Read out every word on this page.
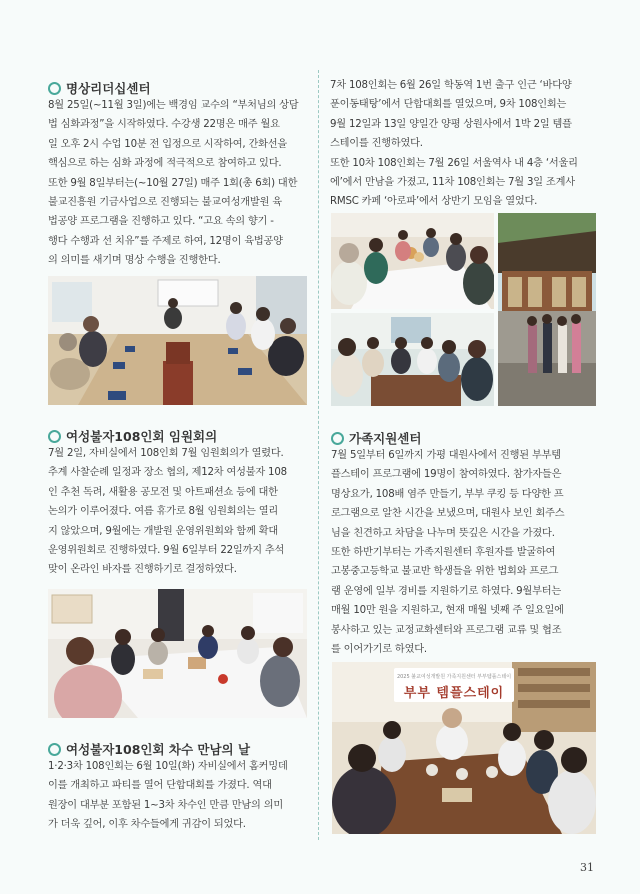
명상리더십센터
8월 25일(~11월 3일)에는 백경임 교수의 “부처님의 상담
법 심화과정”을 시작하였다. 수강생 22명은 매주 월요
일 오후 2시 수업 10분 전 입정으로 시작하여, 간화선을
핵심으로 하는 심화 과정에 적극적으로 참여하고 있다.
또한 9월 8일부터는(~10월 27일) 매주 1회(총 6회) 대한
불교진흥원 기금사업으로 진행되는 불교여성개발원 육
법공양 프로그램을 진행하고 있다. “고요 속의 향기 -
행다 수행과 선 치유”를 주제로 하여, 12명이 육법공양
의 의미를 새기며 명상 수행을 진행한다.
여성불자108인회 임원회의
7월 2일, 자비실에서 108인회 7월 임원회의가 열렸다.
추계 사찰순례 일정과 장소 협의, 제12차 여성불자 108
인 추천 독려, 새활용 공모전 및 아트패션쇼 등에 대한
논의가 이루어졌다. 여름 휴가로 8월 임원회의는 열리
지 않았으며, 9월에는 개발원 운영위원회와 함께 확대
운영위원회로 진행하였다. 9월 6일부터 22일까지 추석
맞이 온라인 바자를 진행하기로 결정하였다.
여성불자108인회 차수 만남의 날
1·2·3차 108인회는 6월 10일(화) 자비실에서 홈커밍데
이를 개최하고 파티를 열어 단합대회를 가졌다. 역대
원장이 대부분 포함된 1~3차 차수인 만큼 만남의 의미
가 더욱 깊어, 이후 차수들에게 귀감이 되었다.
7차 108인회는 6월 26일 학동역 1번 출구 인근 ‘바다양
푼이동태탕’에서 단합대회를 열었으며, 9차 108인회는
9월 12일과 13일 양일간 양평 상원사에서 1박 2일 템플
스테이를 진행하였다.
또한 10차 108인회는 7월 26일 서울역사 내 4층 ‘서울리
에’에서 만남을 가졌고, 11차 108인회는 7월 3일 조계사
RMSC 카페 ‘아로파’에서 상반기 모임을 열었다.
가족지원센터
7월 5일부터 6일까지 가평 대원사에서 진행된 부부템
플스테이 프로그램에 19명이 참여하였다. 참가자들은
명상요가, 108배 염주 만들기, 부부 쿠킹 등 다양한 프
로그램으로 알찬 시간을 보냈으며, 대원사 보인 회주스
님을 친견하고 차담을 나누며 뜻깊은 시간을 가졌다.
또한 하반기부터는 가족지원센터 후원자를 발굴하여
고봉중고등학교 불교반 학생들을 위한 법회와 프로그
램 운영에 일부 경비를 지원하기로 하였다. 9월부터는
매월 10만 원을 지원하고, 현재 매월 넷째 주 일요일에
봉사하고 있는 교정교화센터와 프로그램 교류 및 협조
를 이어가기로 하였다.
2025 불교여성개발원 가족지원센터 부부템플스테이
부부 템플스테이
31
